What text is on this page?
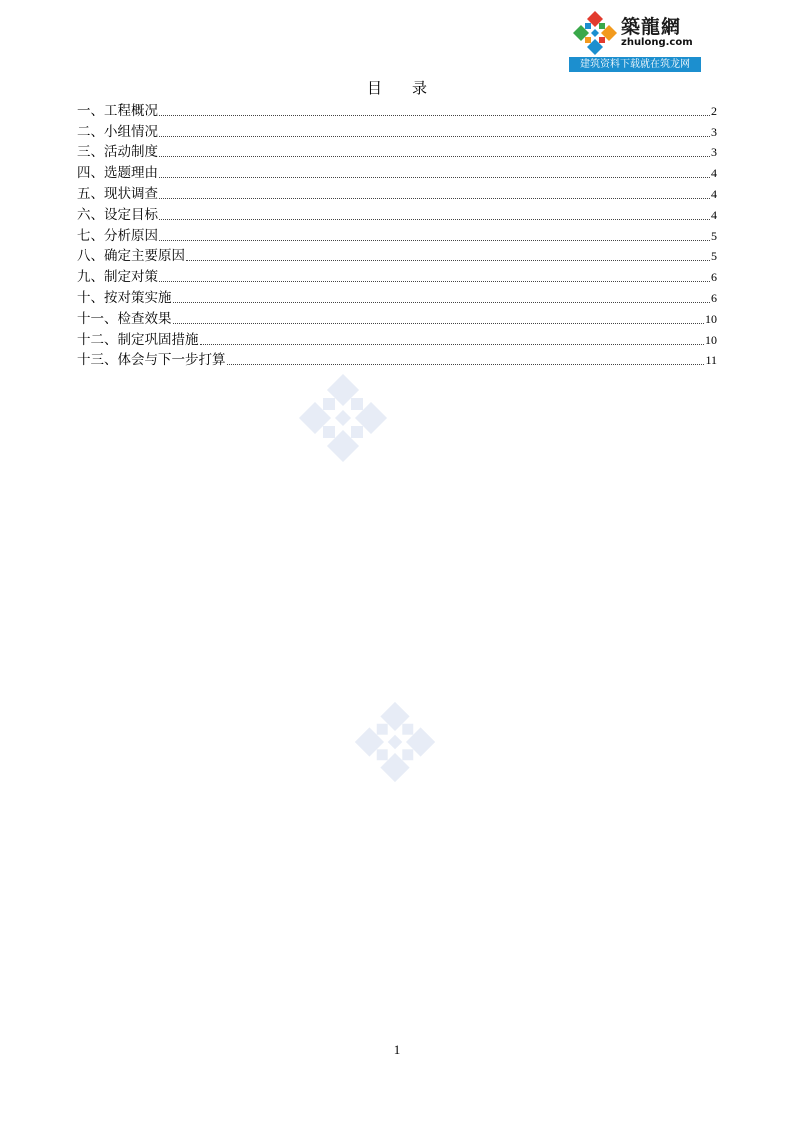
築龍網
zhulong.com
建筑资料下载就在筑龙网
目　　录
一、工程概况	2
二、小组情况	3
三、活动制度	3
四、选题理由	4
五、现状调查	4
六、设定目标	4
七、分析原因	5
八、确定主要原因	5
九、制定对策	6
十、按对策实施	6
十一、检查效果	10
十二、制定巩固措施	10
十三、体会与下一步打算	11
1
